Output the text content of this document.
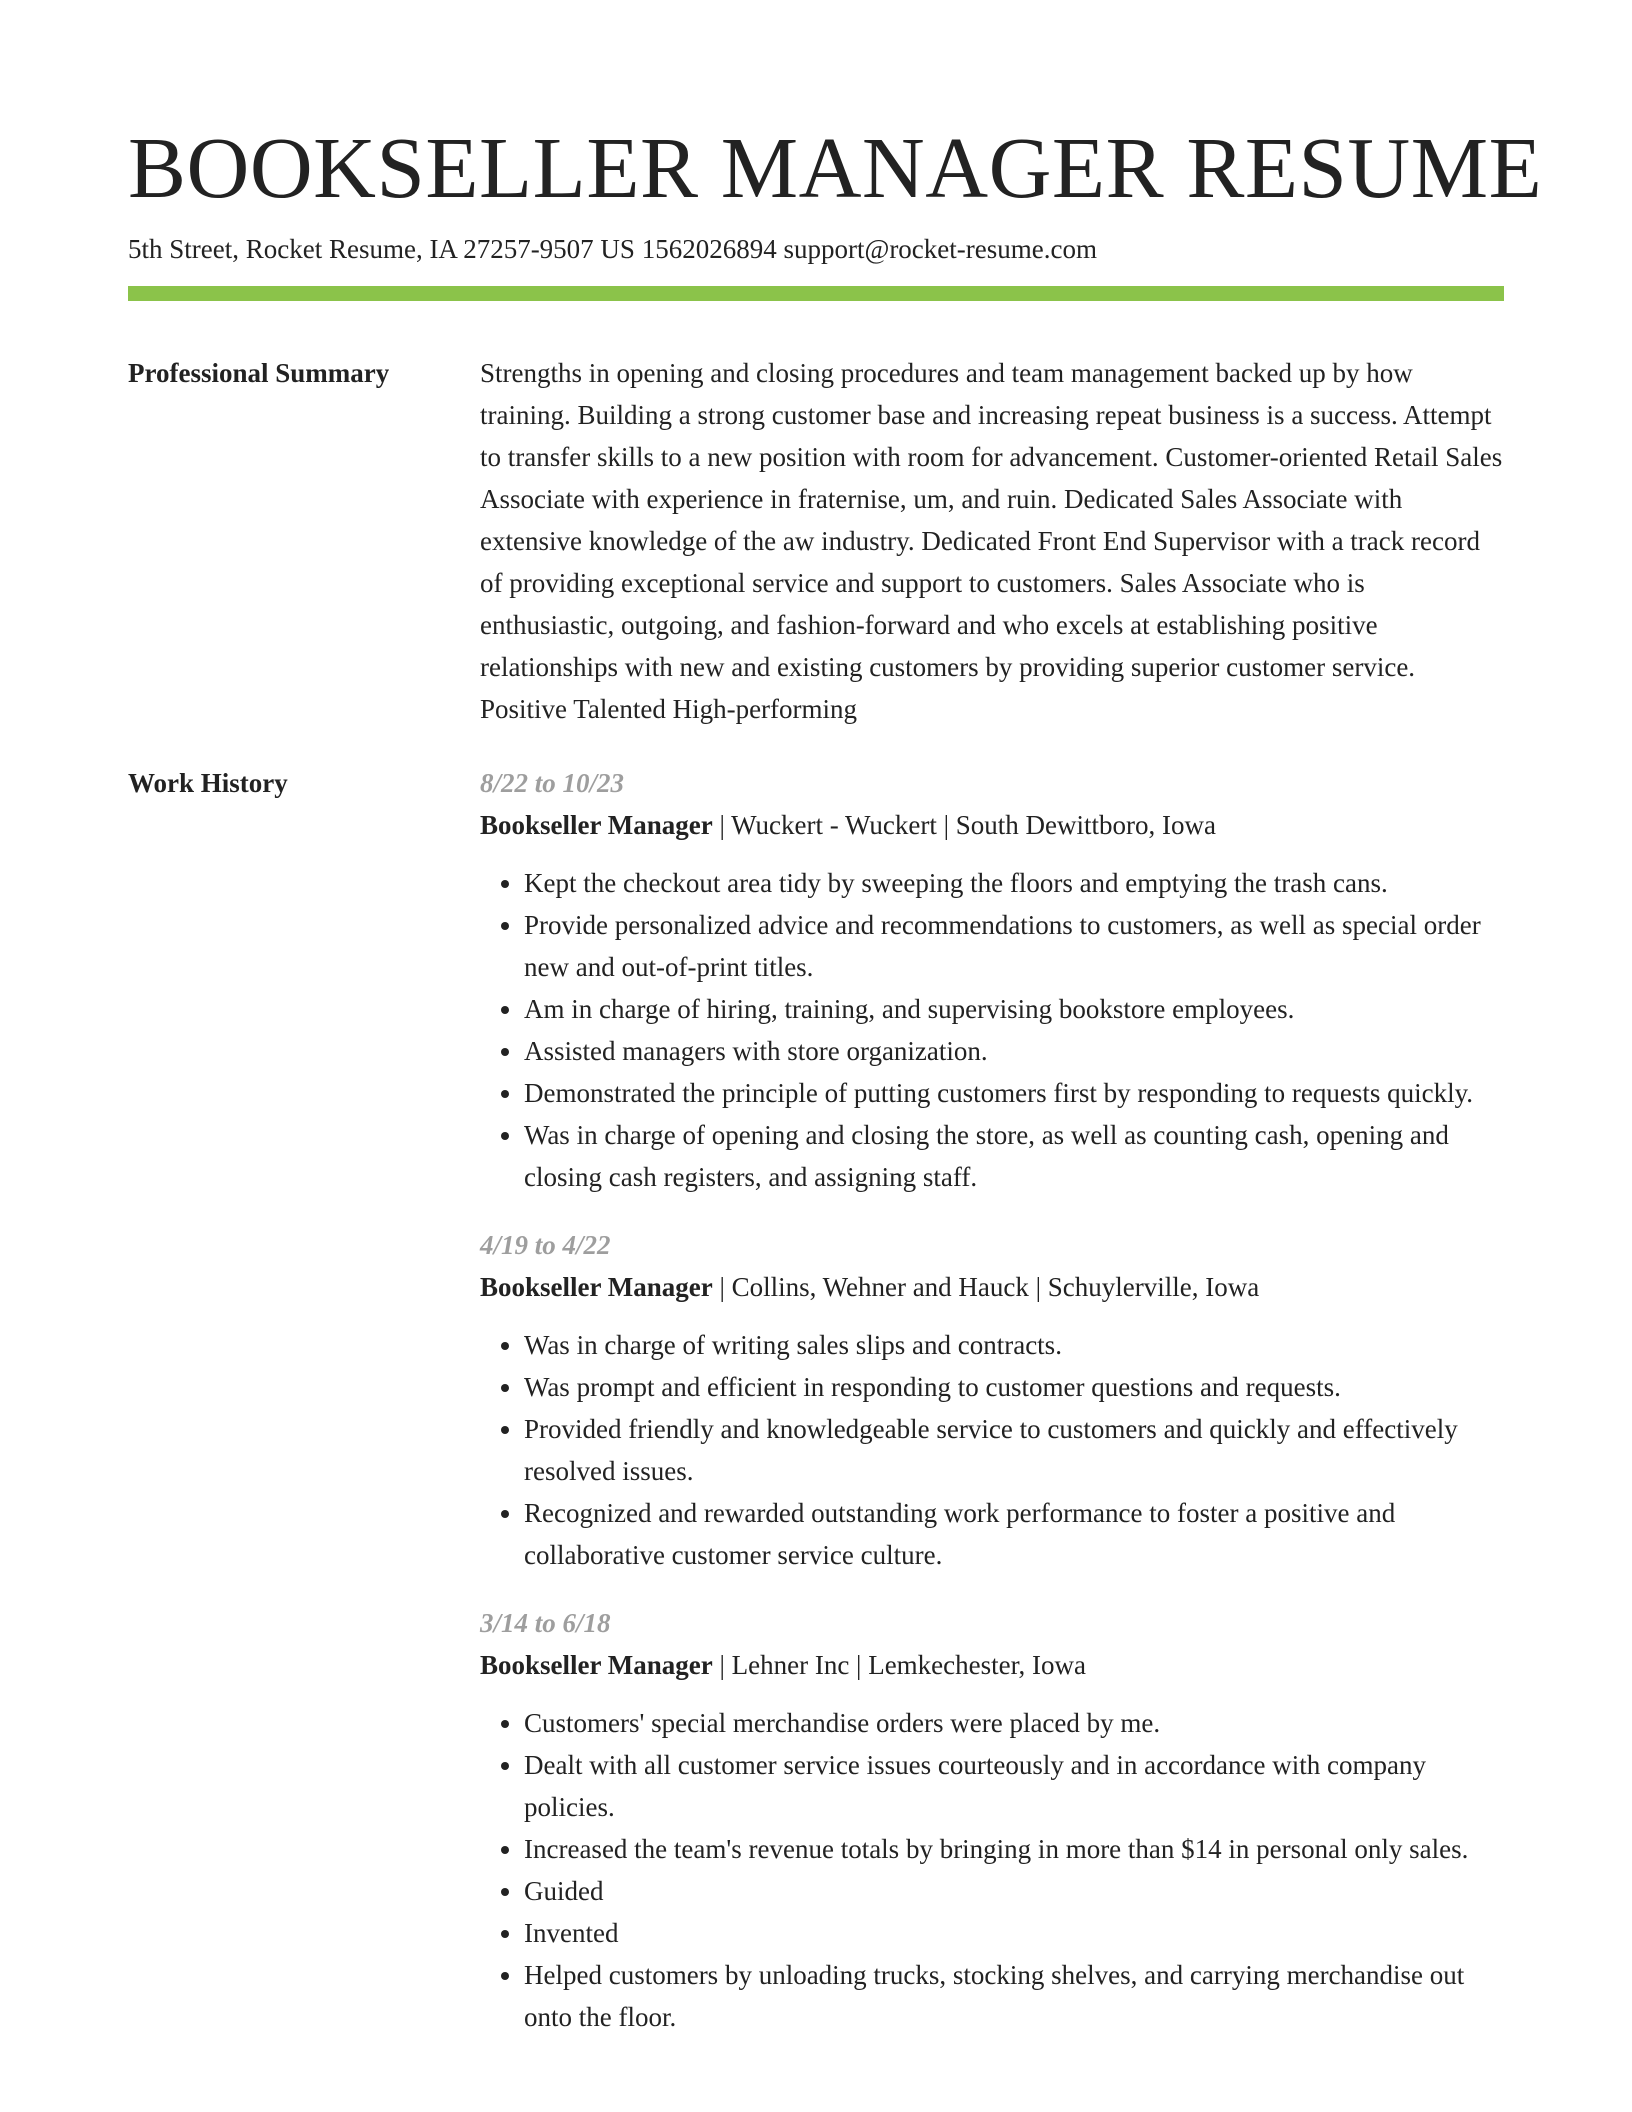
BOOKSELLER MANAGER RESUME
5th Street, Rocket Resume, IA 27257-9507 US 1562026894 support@rocket-resume.com
Professional Summary	Strengths in opening and closing procedures and team management backed up by how training. Building a strong customer base and increasing repeat business is a success. Attempt to transfer skills to a new position with room for advancement. Customer-oriented Retail Sales Associate with experience in fraternise, um, and ruin. Dedicated Sales Associate with extensive knowledge of the aw industry. Dedicated Front End Supervisor with a track record of providing exceptional service and support to customers. Sales Associate who is enthusiastic, outgoing, and fashion-forward and who excels at establishing positive relationships with new and existing customers by providing superior customer service. Positive Talented High-performing

Work History	8/22 to 10/23
Bookseller Manager | Wuckert - Wuckert | South Dewittboro, Iowa
• Kept the checkout area tidy by sweeping the floors and emptying the trash cans.
• Provide personalized advice and recommendations to customers, as well as special order new and out-of-print titles.
• Am in charge of hiring, training, and supervising bookstore employees.
• Assisted managers with store organization.
• Demonstrated the principle of putting customers first by responding to requests quickly.
• Was in charge of opening and closing the store, as well as counting cash, opening and closing cash registers, and assigning staff.
4/19 to 4/22
Bookseller Manager | Collins, Wehner and Hauck | Schuylerville, Iowa
• Was in charge of writing sales slips and contracts.
• Was prompt and efficient in responding to customer questions and requests.
• Provided friendly and knowledgeable service to customers and quickly and effectively resolved issues.
• Recognized and rewarded outstanding work performance to foster a positive and collaborative customer service culture.
3/14 to 6/18
Bookseller Manager | Lehner Inc | Lemkechester, Iowa
• Customers' special merchandise orders were placed by me.
• Dealt with all customer service issues courteously and in accordance with company policies.
• Increased the team's revenue totals by bringing in more than $14 in personal only sales.
• Guided
• Invented
• Helped customers by unloading trucks, stocking shelves, and carrying merchandise out onto the floor.
